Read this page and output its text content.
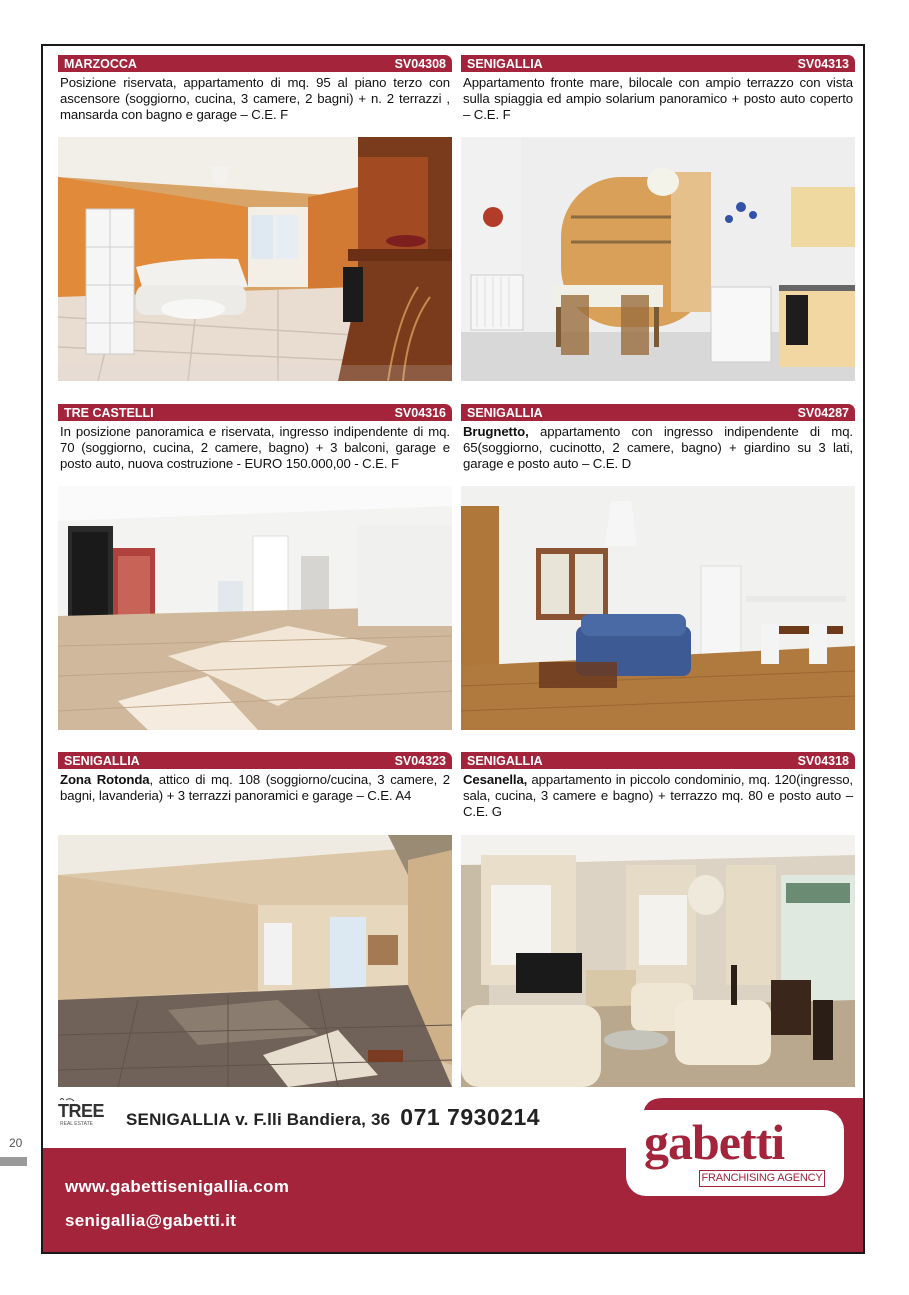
20
MARZOCCA	SV04308
Posizione riservata, appartamento di mq. 95 al piano terzo con ascensore (soggiorno, cucina, 3 camere, 2 bagni) + n. 2 terrazzi , mansarda con bagno e garage – C.E. F
SENIGALLIA	SV04313
Appartamento fronte mare, bilocale con ampio terrazzo con vista sulla spiaggia ed ampio solarium panoramico + posto auto coperto – C.E. F
TRE CASTELLI	SV04316
In posizione panoramica e riservata, ingresso indipendente di mq. 70 (soggiorno, cucina, 2 camere, bagno) + 3 balconi, garage e posto auto, nuova costruzione - EURO 150.000,00 - C.E. F
SENIGALLIA	SV04287
Brugnetto, appartamento con ingresso indipendente di mq. 65(soggiorno, cucinotto, 2 camere, bagno) + giardino su 3 lati, garage e posto auto – C.E. D
SENIGALLIA	SV04323
Zona Rotonda, attico di mq. 108 (soggiorno/cucina, 3 camere, 2 bagni, lavanderia) + 3 terrazzi panoramici e garage – C.E. A4
SENIGALLIA	SV04318
Cesanella, appartamento in piccolo condominio, mq. 120(ingresso, sala, cucina, 3 camere e bagno) + terrazzo mq. 80 e posto auto – C.E. G
TREE
REAL ESTATE SENIGALLIA v. F.lli Bandiera, 36 071 7930214
www.gabettisenigallia.com
senigallia@gabetti.it
gabetti
FRANCHISING AGENCY
